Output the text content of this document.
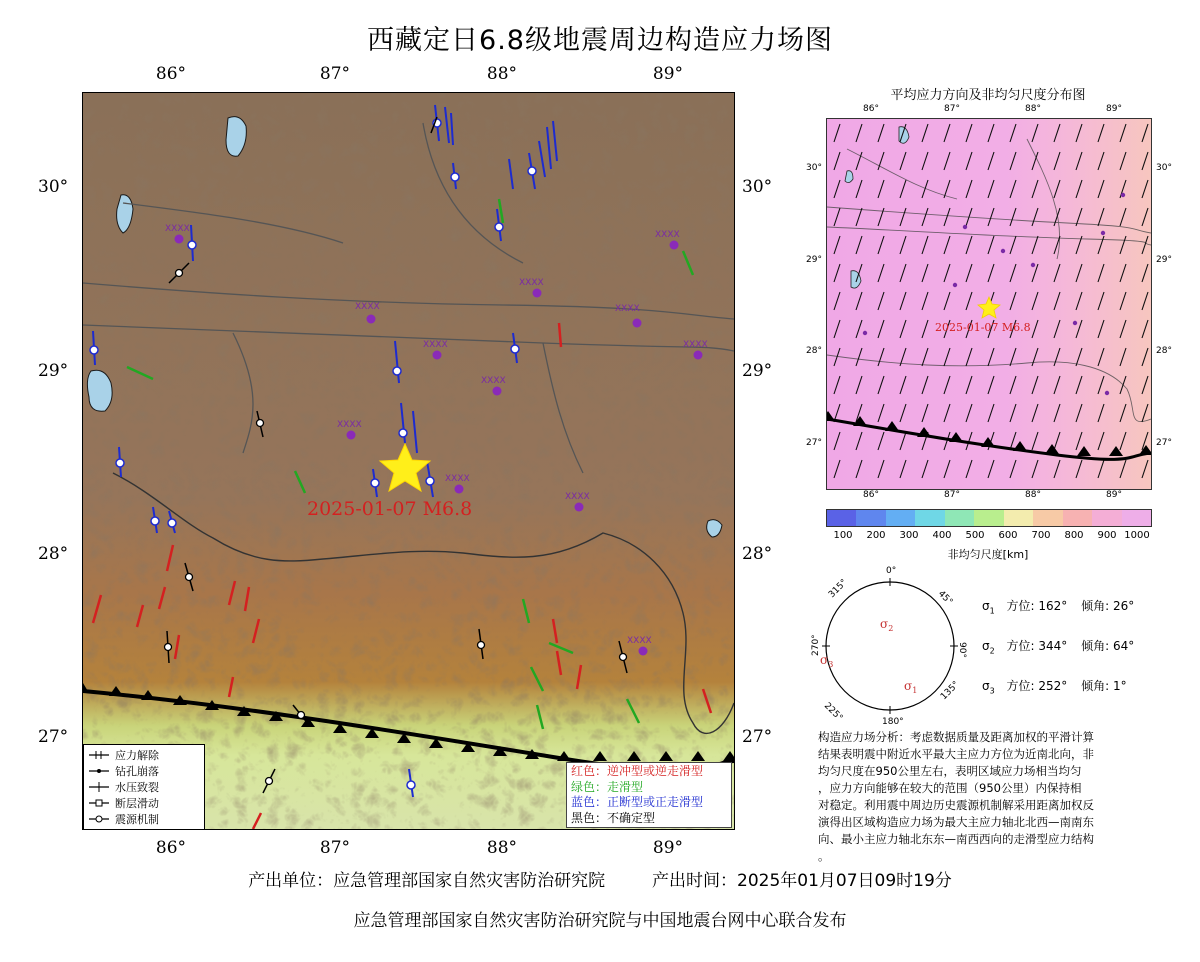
西藏定日6.8级地震周边构造应力场图
86°	87°	88°	89°
86°	87°	88°	89°
30°
29°
28°
27°
30°
29°
28°
27°
XXXX
XXXX
XXXX
XXXX
XXXX
XXXX
XXXX
XXXX
XXXX
XXXX
XXXX
XXXX
2025-01-07 M6.8
应力解除
钻孔崩落
水压致裂
断层滑动
震源机制
红色：逆冲型或逆走滑型
绿色：走滑型
蓝色：正断型或正走滑型
黑色：不确定型
平均应力方向及非均匀尺度分布图
86°	87°	88°	89°
86°	87°	88°	89°
30°
29°
28°
27°
30°
29°
28°
27°
2025-01-07 M6.8
100	200	300	400	500	600	700	800	900 1000
非均匀尺度[km]
0°
45°
90°
135°
180°
225°
270°
315°
$\sigma_1$
$\sigma_2$
$\sigma_3$
$\sigma_1$ 方位: 162° 倾角: 26°
$\sigma_2$ 方位: 344° 倾角: 64°
$\sigma_3$ 方位: 252° 倾角: 1°
构造应力场分析：考虑数据质量及距离加权的平滑计算
结果表明震中附近水平最大主应力方位为近南北向，非
均匀尺度在950公里左右，表明区域应力场相当均匀
，应力方向能够在较大的范围（950公里）内保持相
对稳定。利用震中周边历史震源机制解采用距离加权反
演得出区域构造应力场为最大主应力轴北北西—南南东
向、最小主应力轴北东东—南西西向的走滑型应力结构
。
产出单位：应急管理部国家自然灾害防治研究院	产出时间：2025年01月07日09时19分
应急管理部国家自然灾害防治研究院与中国地震台网中心联合发布
